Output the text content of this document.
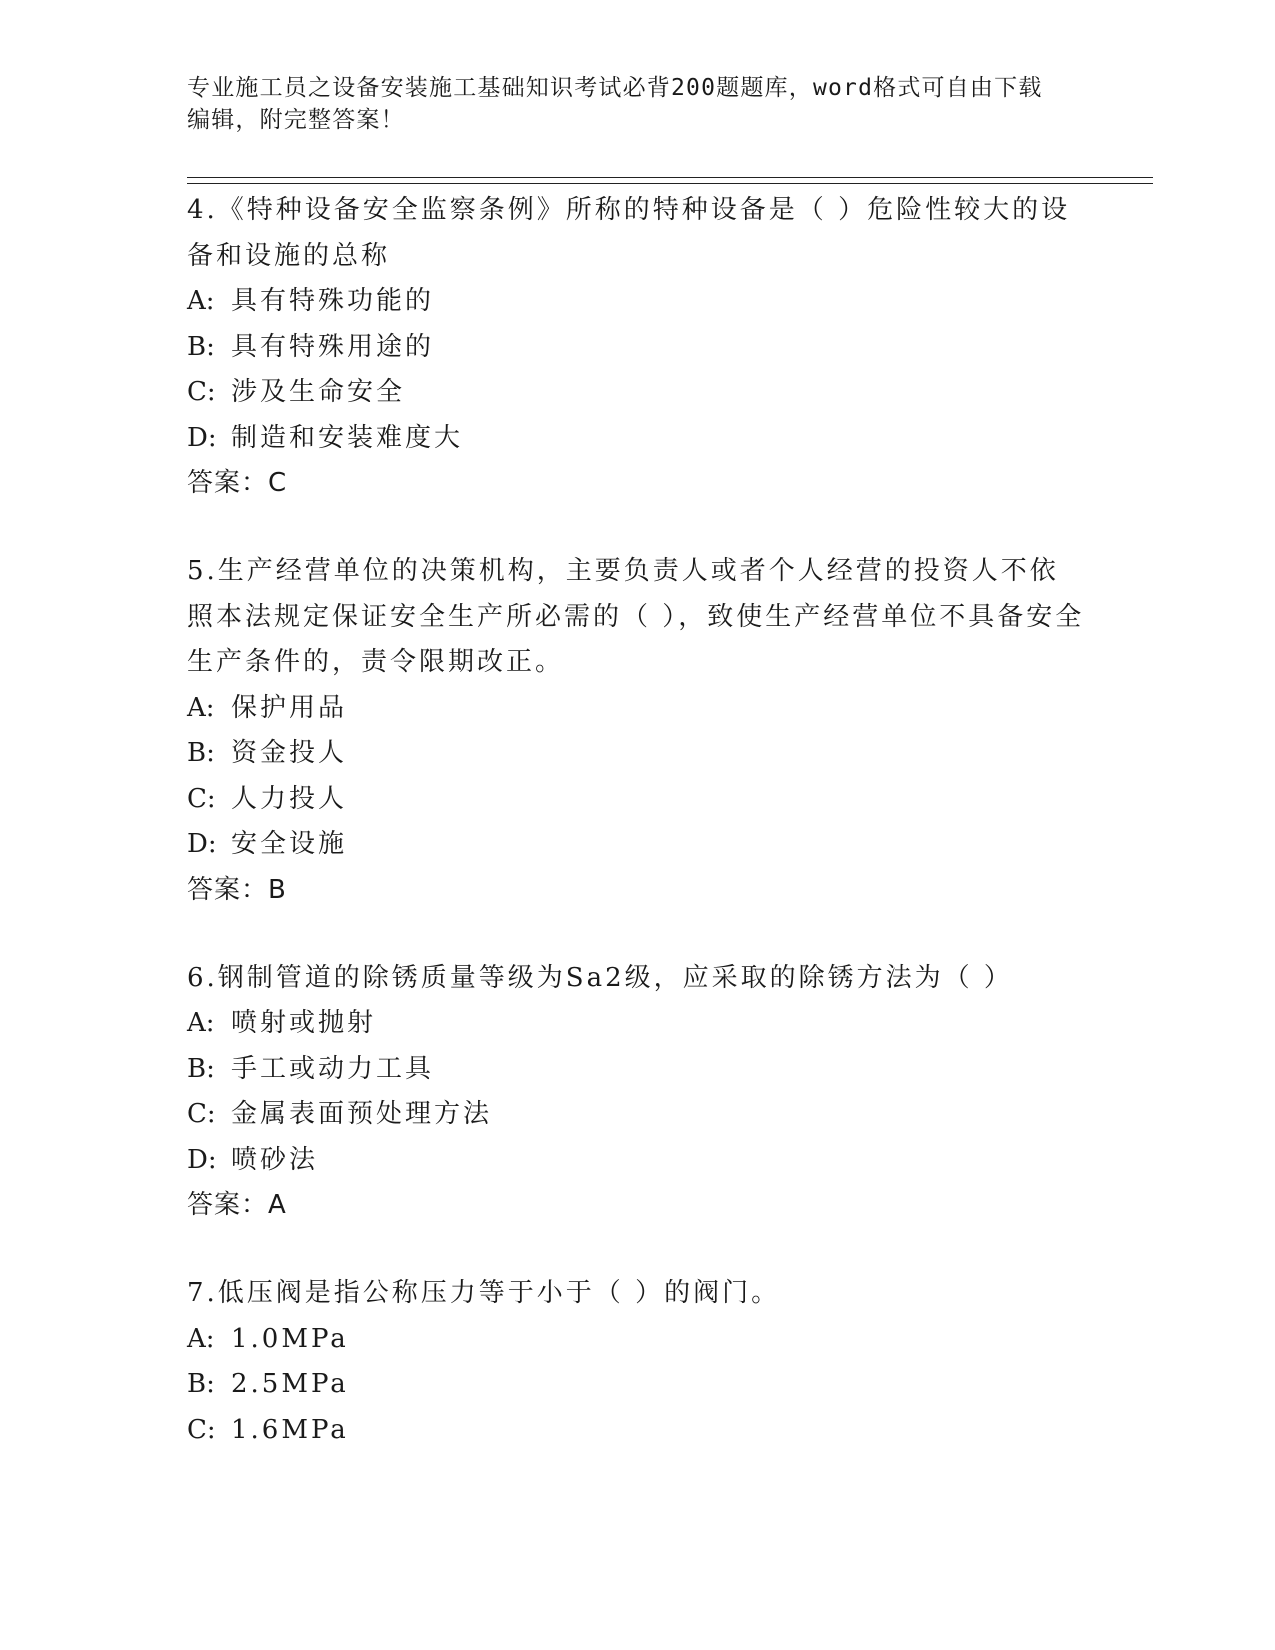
专业施工员之设备安装施工基础知识考试必背200题题库，word格式可自由下载
编辑，附完整答案！

4.《特种设备安全监察条例》所称的特种设备是（ ）危险性较大的设备和设施的总称

A: 具有特殊功能的

B: 具有特殊用途的

C: 涉及生命安全

D: 制造和安装难度大

答案：C

5.生产经营单位的决策机构，主要负责人或者个人经营的投资人不依照本法规定保证安全生产所必需的（ ），致使生产经营单位不具备安全生产条件的，责令限期改正。

A: 保护用品

B: 资金投人

C: 人力投人

D: 安全设施

答案：B

6.钢制管道的除锈质量等级为Sa2级，应采取的除锈方法为（ ）

A: 喷射或抛射

B: 手工或动力工具

C: 金属表面预处理方法

D: 喷砂法

答案：A

7.低压阀是指公称压力等于小于（ ）的阀门。

A: 1.0MPa

B: 2.5MPa

C: 1.6MPa
